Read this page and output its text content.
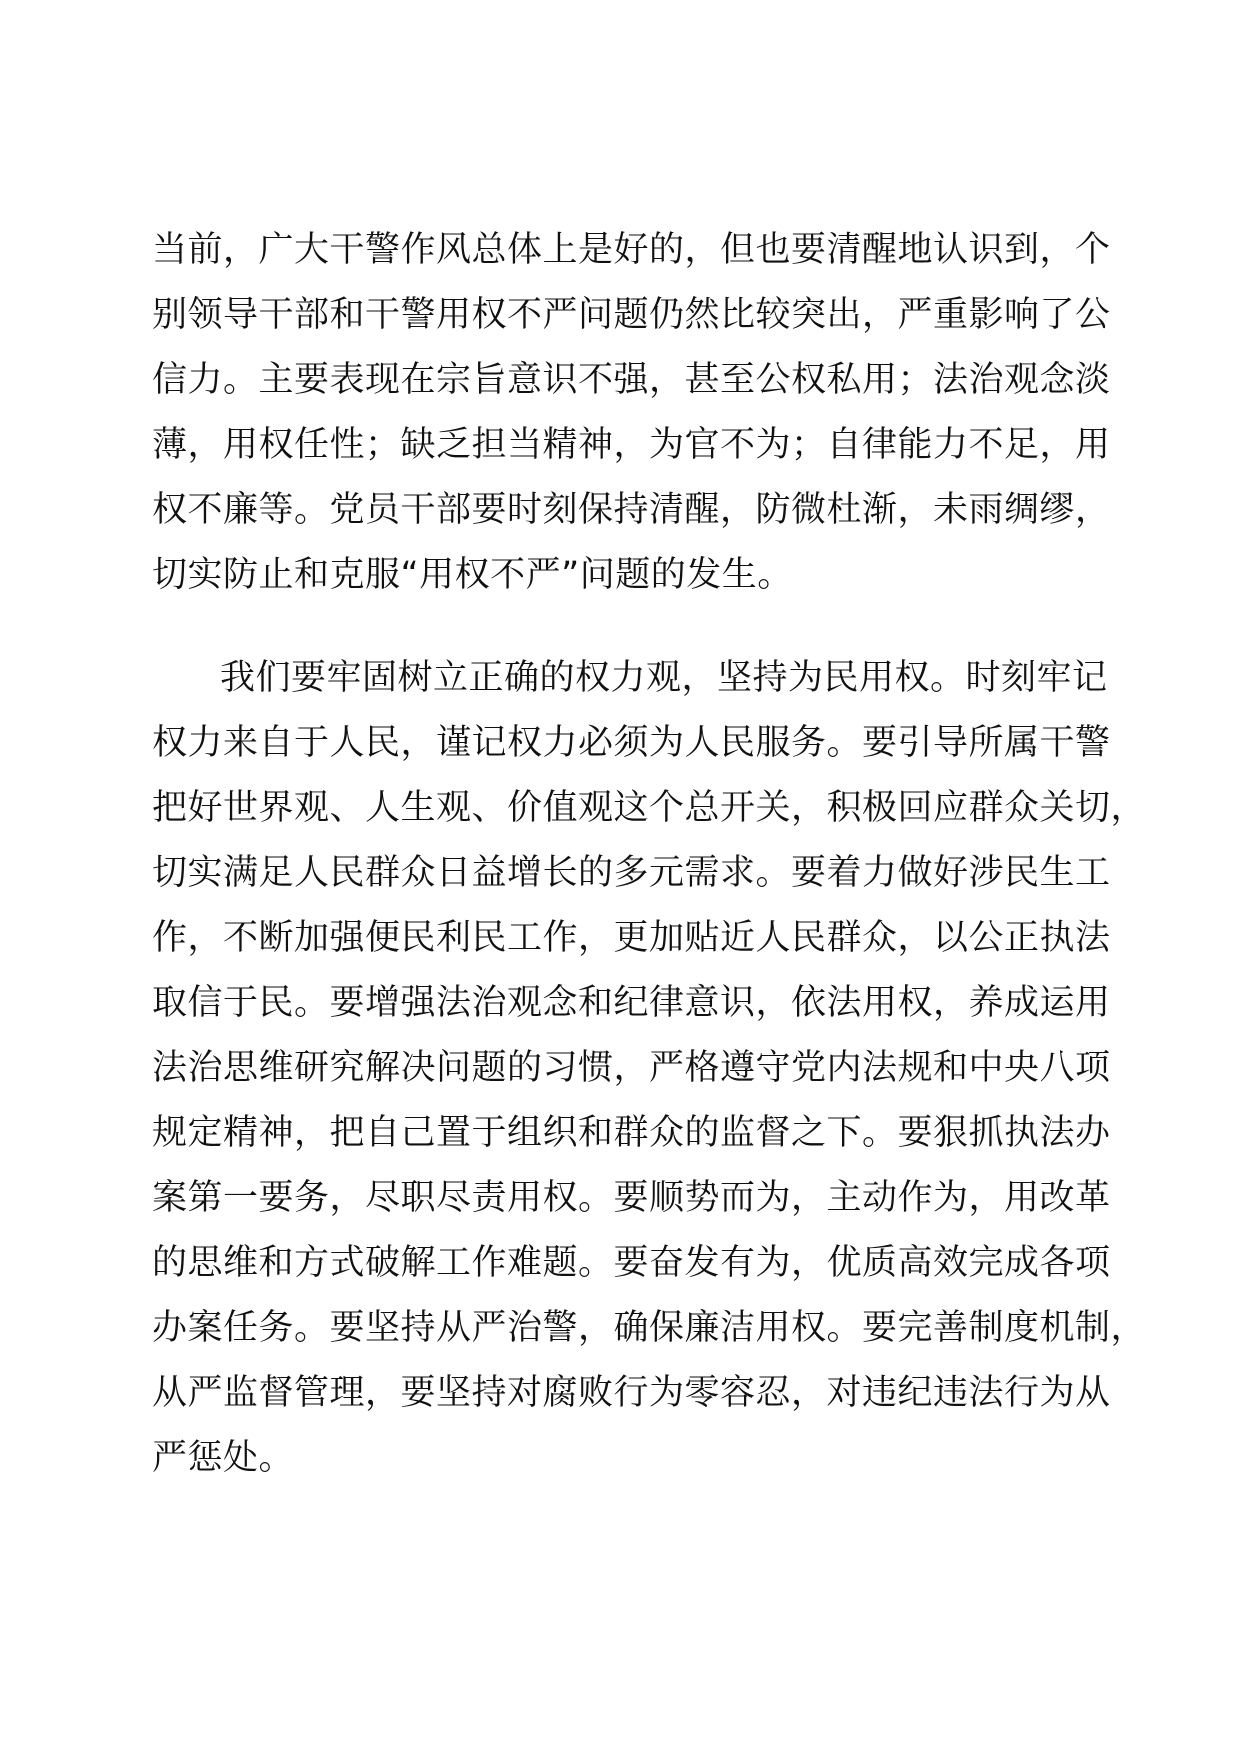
当前，广大干警作风总体上是好的，但也要清醒地认识到，个
别领导干部和干警用权不严问题仍然比较突出，严重影响了公
信力。主要表现在宗旨意识不强，甚至公权私用；法治观念淡
薄，用权任性；缺乏担当精神，为官不为；自律能力不足，用
权不廉等。党员干部要时刻保持清醒，防微杜渐，未雨绸缪，
切实防止和克服“用权不严”问题的发生。
我们要牢固树立正确的权力观，坚持为民用权。时刻牢记
权力来自于人民，谨记权力必须为人民服务。要引导所属干警
把好世界观、人生观、价值观这个总开关，积极回应群众关切，
切实满足人民群众日益增长的多元需求。要着力做好涉民生工
作，不断加强便民利民工作，更加贴近人民群众，以公正执法
取信于民。要增强法治观念和纪律意识，依法用权，养成运用
法治思维研究解决问题的习惯，严格遵守党内法规和中央八项
规定精神，把自己置于组织和群众的监督之下。要狠抓执法办
案第一要务，尽职尽责用权。要顺势而为，主动作为，用改革
的思维和方式破解工作难题。要奋发有为，优质高效完成各项
办案任务。要坚持从严治警，确保廉洁用权。要完善制度机制，
从严监督管理，要坚持对腐败行为零容忍，对违纪违法行为从
严惩处。
